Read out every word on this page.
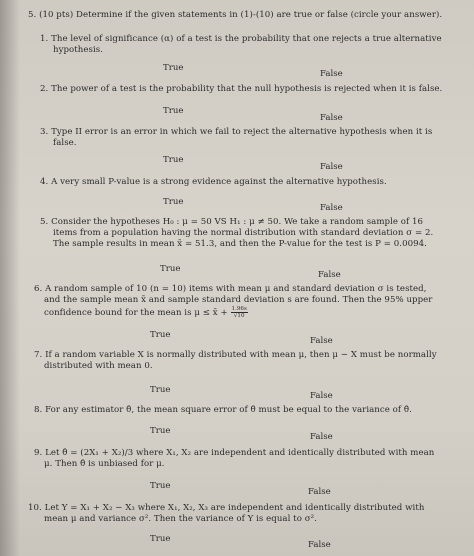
5. (10 pts) Determine if the given statements in (1)-(10) are true or false (circle your answer).
1. The level of significance (α) of a test is the probability that one rejects a true alternative
hypothesis.
True
False
2. The power of a test is the probability that the null hypothesis is rejected when it is false.
True
False
3. Type II error is an error in which we fail to reject the alternative hypothesis when it is
false.
True
False
4. A very small P-value is a strong evidence against the alternative hypothesis.
True
False
5. Consider the hypotheses H₀ : μ = 50 VS H₁ : μ ≠ 50. We take a random sample of 16
items from a population having the normal distribution with standard deviation σ = 2.
The sample results in mean x̄ = 51.3, and then the P-value for the test is P = 0.0094.
True
False
6. A random sample of 10 (n = 10) items with mean μ and standard deviation σ is tested,
and the sample mean x̄ and sample standard deviation s are found. Then the 95% upper
confidence bound for the mean is μ ≤ x̄ + $\frac{1.96s}{√10}$
True
False
7. If a random variable X is normally distributed with mean μ, then μ − X must be normally
distributed with mean 0.
True
False
8. For any estimator θ̂, the mean square error of θ̂ must be equal to the variance of θ̂.
True
False
9. Let θ̂ = (2X₁ + X₂)/3 where X₁, X₂ are independent and identically distributed with mean
μ. Then θ̂ is unbiased for μ.
True
False
10. Let Y = X₁ + X₂ − X₃ where X₁, X₂, X₃ are independent and identically distributed with
mean μ and variance σ². Then the variance of Y is equal to σ².
True
False
